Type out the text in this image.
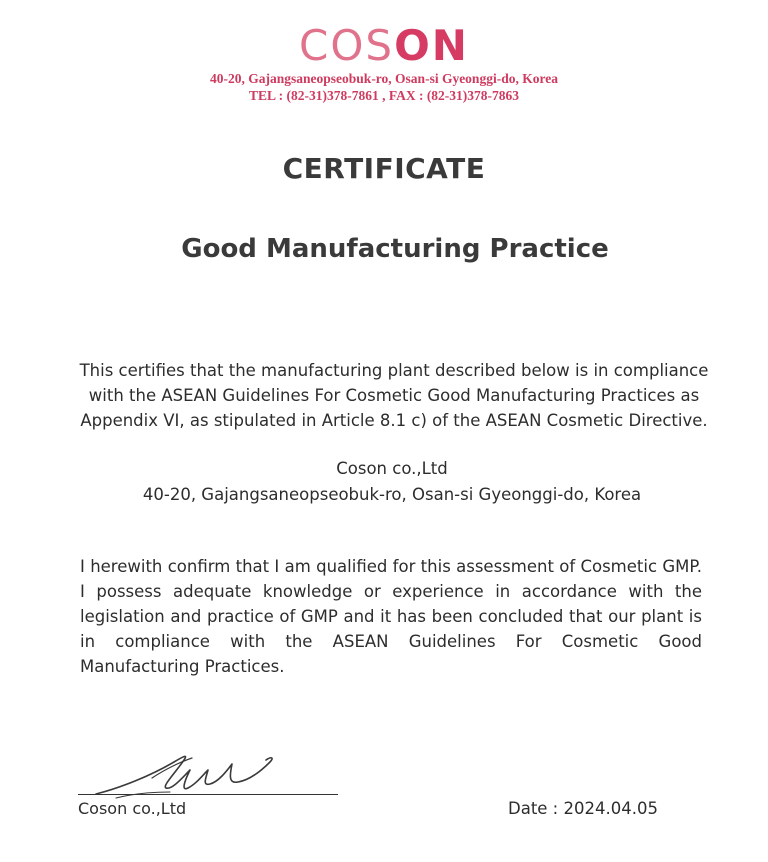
COSON
40-20, Gajangsaneopseobuk-ro, Osan-si Gyeonggi-do, Korea
TEL : (82-31)378-7861 , FAX : (82-31)378-7863
CERTIFICATE
Good Manufacturing Practice
This certifies that the manufacturing plant described below is in compliance
with the ASEAN Guidelines For Cosmetic Good Manufacturing Practices as
Appendix VI, as stipulated in Article 8.1 c) of the ASEAN Cosmetic Directive.
Coson co.,Ltd
40-20, Gajangsaneopseobuk-ro, Osan-si Gyeonggi-do, Korea
I herewith confirm that I am qualified for this assessment of Cosmetic GMP.
I possess adequate knowledge or experience in accordance with the
legislation and practice of GMP and it has been concluded that our plant is
in compliance with the ASEAN Guidelines For Cosmetic Good
Manufacturing Practices.
Coson co.,Ltd	Date : 2024.04.05
